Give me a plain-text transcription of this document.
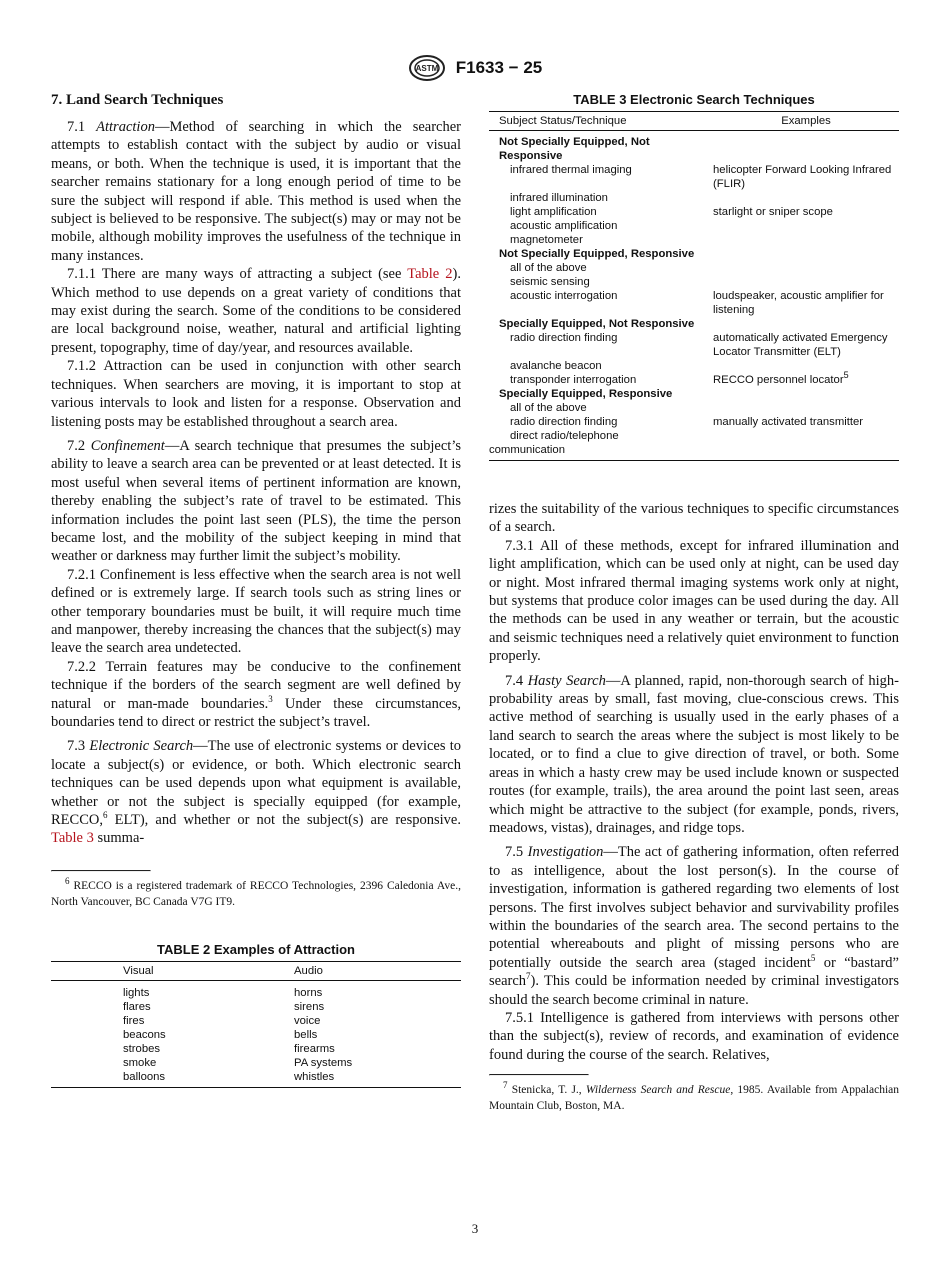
ASTM F1633 − 25
7. Land Search Techniques

7.1 Attraction—Method of searching in which the searcher attempts to establish contact with the subject by audio or visual means, or both. When the technique is used, it is important that the searcher remains stationary for a long enough period of time to be sure the subject will respond if able. This method is used when the subject is believed to be responsive. The subject(s) may or may not be mobile, although mobility improves the usefulness of the technique in many instances.

7.1.1 There are many ways of attracting a subject (see Table 2). Which method to use depends on a great variety of conditions that may exist during the search. Some of the conditions to be considered are local background noise, weather, natural and artificial lighting present, topography, time of day/year, and resources available.

7.1.2 Attraction can be used in conjunction with other search techniques. When searchers are moving, it is important to stop at various intervals to look and listen for a response. Observation and listening posts may be established throughout a search area.

7.2 Confinement—A search technique that presumes the subject’s ability to leave a search area can be prevented or at least detected. It is most useful when several items of pertinent information are known, thereby enabling the subject’s rate of travel to be estimated. This information includes the point last seen (PLS), the time the person became lost, and the mobility of the subject keeping in mind that weather or darkness may further limit the subject’s mobility.

7.2.1 Confinement is less effective when the search area is not well defined or is extremely large. If search tools such as string lines or other temporary boundaries must be built, it will require much time and manpower, thereby increasing the chances that the subject(s) may leave the search area undetected.

7.2.2 Terrain features may be conducive to the confinement technique if the borders of the search segment are well defined by natural or man-made boundaries.$^3$ Under these circumstances, boundaries tend to direct or restrict the subject’s travel.

7.3 Electronic Search—The use of electronic systems or devices to locate a subject(s) or evidence, or both. Which electronic search techniques can be used depends upon what equipment is available, whether or not the subject is specially equipped (for example, RECCO,$^6$ ELT), and whether or not the subject(s) are responsive. Table 3 summa-

$^6$ RECCO is a registered trademark of RECCO Technologies, 2396 Caledonia Ave., North Vancouver, BC Canada V7G IT9.

TABLE 2 Examples of Attraction
Visual	Audio
lights	horns
flares	sirens
fires	voice
beacons	bells
strobes	firearms
smoke	PA systems
balloons	whistles
TABLE 3 Electronic Search Techniques
Subject Status/Technique	Examples
Not Specially Equipped, Not Responsive	
infrared thermal imaging	helicopter Forward Looking Infrared (FLIR)
infrared illumination	
light amplification	starlight or sniper scope
acoustic amplification	
magnetometer	
Not Specially Equipped, Responsive	
all of the above	
seismic sensing	
acoustic interrogation	loudspeaker, acoustic amplifier for listening
Specially Equipped, Not Responsive	
radio direction finding	automatically activated Emergency Locator Transmitter (ELT)
avalanche beacon	
transponder interrogation	RECCO personnel locator$^5$
Specially Equipped, Responsive	
all of the above	
radio direction finding	manually activated transmitter
direct radio/telephone	
communication	

rizes the suitability of the various techniques to specific circumstances of a search.

7.3.1 All of these methods, except for infrared illumination and light amplification, which can be used only at night, can be used day or night. Most infrared thermal imaging systems work only at night, but systems that produce color images can be used during the day. All the methods can be used in any weather or terrain, but the acoustic and seismic techniques need a relatively quiet environment to function properly.

7.4 Hasty Search—A planned, rapid, non-thorough search of high-probability areas by small, fast moving, clue-conscious crews. This active method of searching is usually used in the early phases of a land search to search the areas where the subject is most likely to be located, or to find a clue to give direction of travel, or both. Some areas in which a hasty crew may be used include known or suspected routes (for example, trails), the area around the point last seen, areas which might be attractive to the subject (for example, ponds, rivers, meadows, vistas), drainages, and ridge tops.

7.5 Investigation—The act of gathering information, often referred to as intelligence, about the lost person(s). In the course of investigation, information is gathered regarding two elements of lost persons. The first involves subject behavior and survivability profiles within the boundaries of the search area. The second pertains to the potential whereabouts and plight of missing persons who are potentially outside the search area (staged incident$^5$ or “bastard” search$^7$). This could be information needed by criminal investigators should the search become criminal in nature.

7.5.1 Intelligence is gathered from interviews with persons other than the subject(s), review of records, and examination of evidence found during the course of the search. Relatives,

$^7$ Stenicka, T. J., Wilderness Search and Rescue, 1985. Available from Appalachian Mountain Club, Boston, MA.

3
